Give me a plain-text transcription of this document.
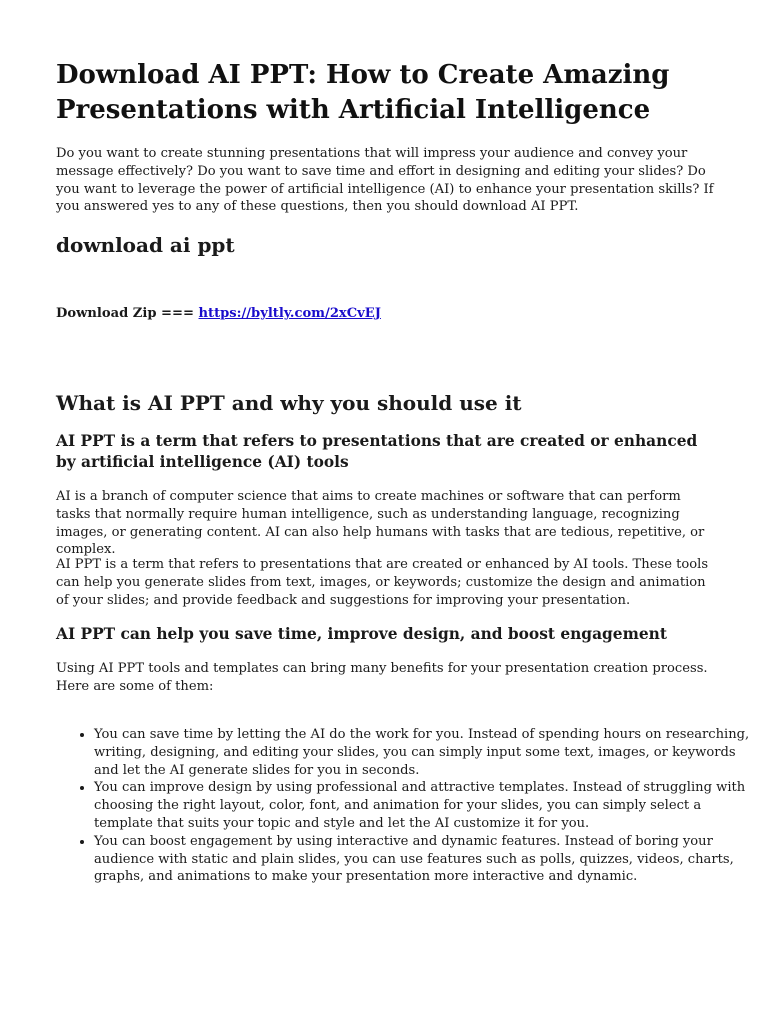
Download AI PPT: How to Create Amazing Presentations with Artificial Intelligence

Do you want to create stunning presentations that will impress your audience and convey your message effectively? Do you want to save time and effort in designing and editing your slides? Do you want to leverage the power of artificial intelligence (AI) to enhance your presentation skills? If you answered yes to any of these questions, then you should download AI PPT.

download ai ppt
Download Zip === https://byltly.com/2xCvEJ
What is AI PPT and why you should use it
AI PPT is a term that refers to presentations that are created or enhanced by artificial intelligence (AI) tools

AI is a branch of computer science that aims to create machines or software that can perform tasks that normally require human intelligence, such as understanding language, recognizing images, or generating content. AI can also help humans with tasks that are tedious, repetitive, or complex.

AI PPT is a term that refers to presentations that are created or enhanced by AI tools. These tools can help you generate slides from text, images, or keywords; customize the design and animation of your slides; and provide feedback and suggestions for improving your presentation.

AI PPT can help you save time, improve design, and boost engagement

Using AI PPT tools and templates can bring many benefits for your presentation creation process. Here are some of them:

• You can save time by letting the AI do the work for you. Instead of spending hours on researching, writing, designing, and editing your slides, you can simply input some text, images, or keywords and let the AI generate slides for you in seconds.
• You can improve design by using professional and attractive templates. Instead of struggling with choosing the right layout, color, font, and animation for your slides, you can simply select a template that suits your topic and style and let the AI customize it for you.
• You can boost engagement by using interactive and dynamic features. Instead of boring your audience with static and plain slides, you can use features such as polls, quizzes, videos, charts, graphs, and animations to make your presentation more interactive and dynamic.
